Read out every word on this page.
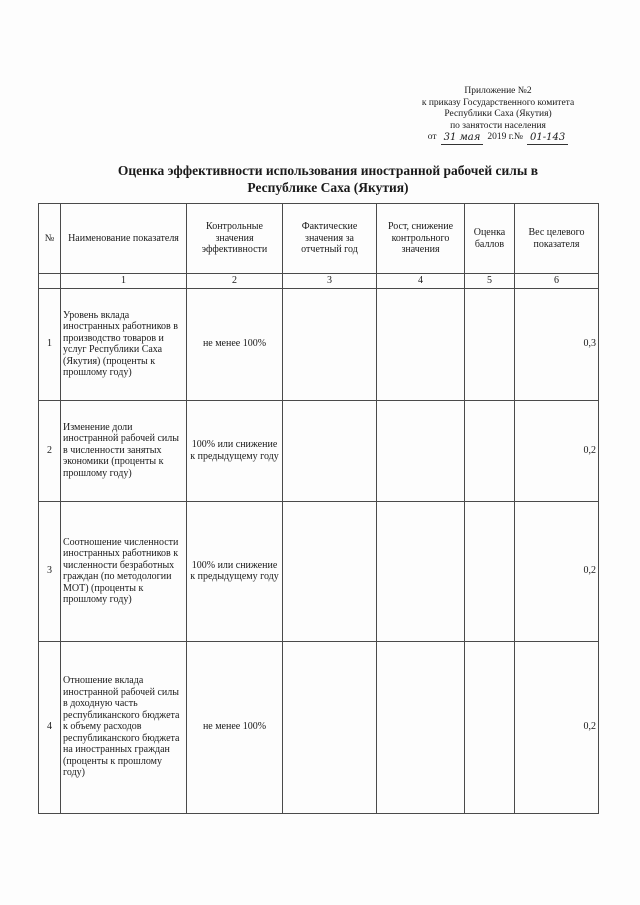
Приложение №2
к приказу Государственного комитета
Республики Саха (Якутия)
по занятости населения
от 31 мая 2019 г.№ 01-143
Оценка эффективности использования иностранной рабочей силы в
Республике Саха (Якутия)
№	Наименование показателя	Контрольные значения эффективности	Фактические значения за отчетный год	Рост, снижение контрольного значения	Оценка баллов	Вес целевого показателя
	1	2	3	4	5	6
1	Уровень вклада иностранных работников в производство товаров и услуг Республики Саха (Якутия) (проценты к прошлому году)	не менее 100%				0,3
2	Изменение доли иностранной рабочей силы в численности занятых экономики (проценты к прошлому году)	100% или снижение к предыдущему году				0,2
3	Соотношение численности иностранных работников к численности безработных граждан (по методологии МОТ) (проценты к прошлому году)	100% или снижение к предыдущему году				0,2
4	Отношение вклада иностранной рабочей силы в доходную часть республиканского бюджета к объему расходов республиканского бюджета на иностранных граждан (проценты к прошлому году)	не менее 100%				0,2
